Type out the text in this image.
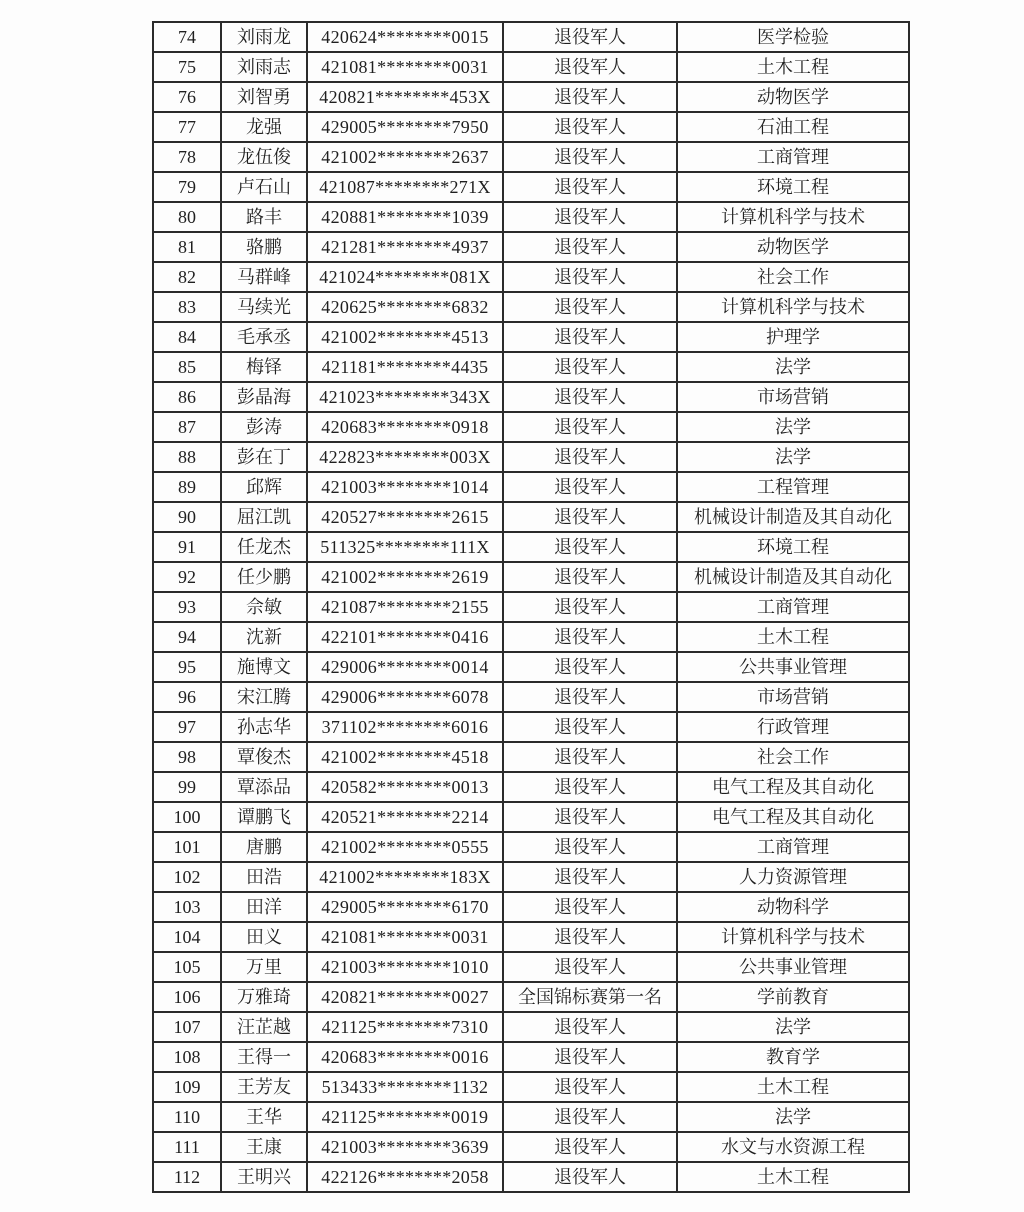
74	刘雨龙	420624********0015	退役军人	医学检验
75	刘雨志	421081********0031	退役军人	土木工程
76	刘智勇	420821********453X	退役军人	动物医学
77	龙强	429005********7950	退役军人	石油工程
78	龙伍俊	421002********2637	退役军人	工商管理
79	卢石山	421087********271X	退役军人	环境工程
80	路丰	420881********1039	退役军人	计算机科学与技术
81	骆鹏	421281********4937	退役军人	动物医学
82	马群峰	421024********081X	退役军人	社会工作
83	马续光	420625********6832	退役军人	计算机科学与技术
84	毛承丞	421002********4513	退役军人	护理学
85	梅铎	421181********4435	退役军人	法学
86	彭晶海	421023********343X	退役军人	市场营销
87	彭涛	420683********0918	退役军人	法学
88	彭在丁	422823********003X	退役军人	法学
89	邱辉	421003********1014	退役军人	工程管理
90	屈江凯	420527********2615	退役军人	机械设计制造及其自动化
91	任龙杰	511325********111X	退役军人	环境工程
92	任少鹏	421002********2619	退役军人	机械设计制造及其自动化
93	佘敏	421087********2155	退役军人	工商管理
94	沈新	422101********0416	退役军人	土木工程
95	施博文	429006********0014	退役军人	公共事业管理
96	宋江腾	429006********6078	退役军人	市场营销
97	孙志华	371102********6016	退役军人	行政管理
98	覃俊杰	421002********4518	退役军人	社会工作
99	覃添品	420582********0013	退役军人	电气工程及其自动化
100	谭鹏飞	420521********2214	退役军人	电气工程及其自动化
101	唐鹏	421002********0555	退役军人	工商管理
102	田浩	421002********183X	退役军人	人力资源管理
103	田洋	429005********6170	退役军人	动物科学
104	田义	421081********0031	退役军人	计算机科学与技术
105	万里	421003********1010	退役军人	公共事业管理
106	万雅琦	420821********0027	全国锦标赛第一名	学前教育
107	汪芷越	421125********7310	退役军人	法学
108	王得一	420683********0016	退役军人	教育学
109	王芳友	513433********1132	退役军人	土木工程
110	王华	421125********0019	退役军人	法学
111	王康	421003********3639	退役军人	水文与水资源工程
112	王明兴	422126********2058	退役军人	土木工程
